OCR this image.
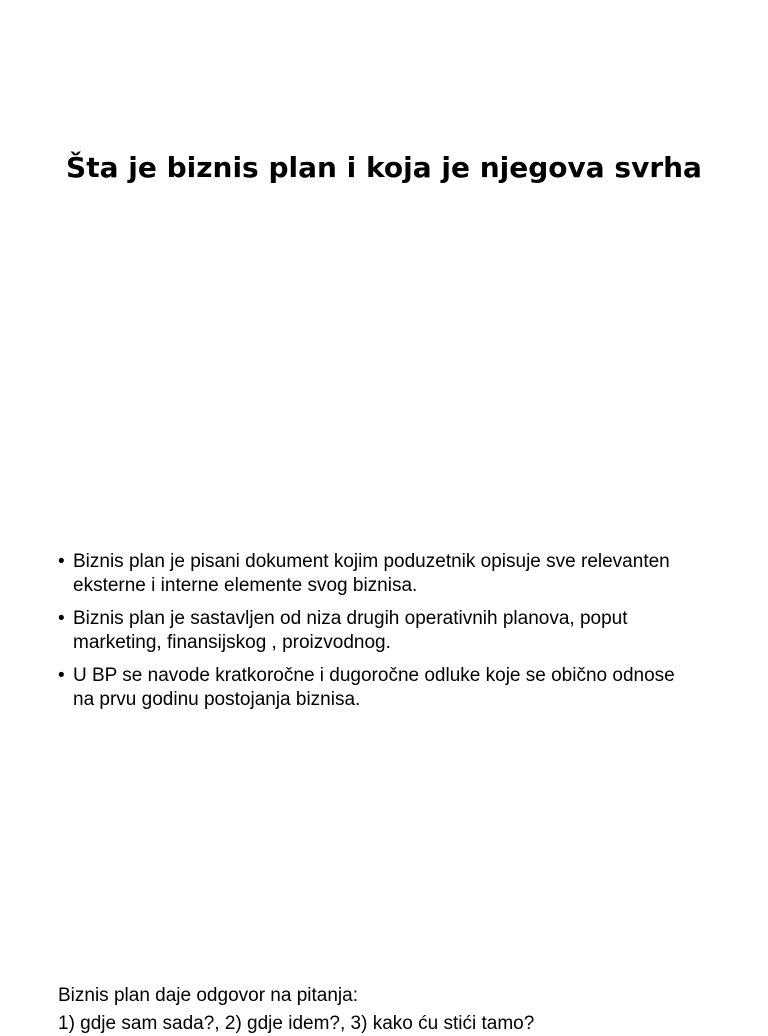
Šta je biznis plan i koja je njegova svrha
• Biznis plan je pisani dokument kojim poduzetnik opisuje sve relevanten eksterne i interne elemente svog biznisa.
• Biznis plan je sastavljen od niza drugih operativnih planova, poput marketing, finansijskog , proizvodnog.
• U BP se navode kratkoročne i dugoročne odluke koje se obično odnose na prvu godinu postojanja biznisa.

Biznis plan daje odgovor na pitanja:

1) gdje sam sada?, 2) gdje idem?, 3) kako ću stići tamo?
